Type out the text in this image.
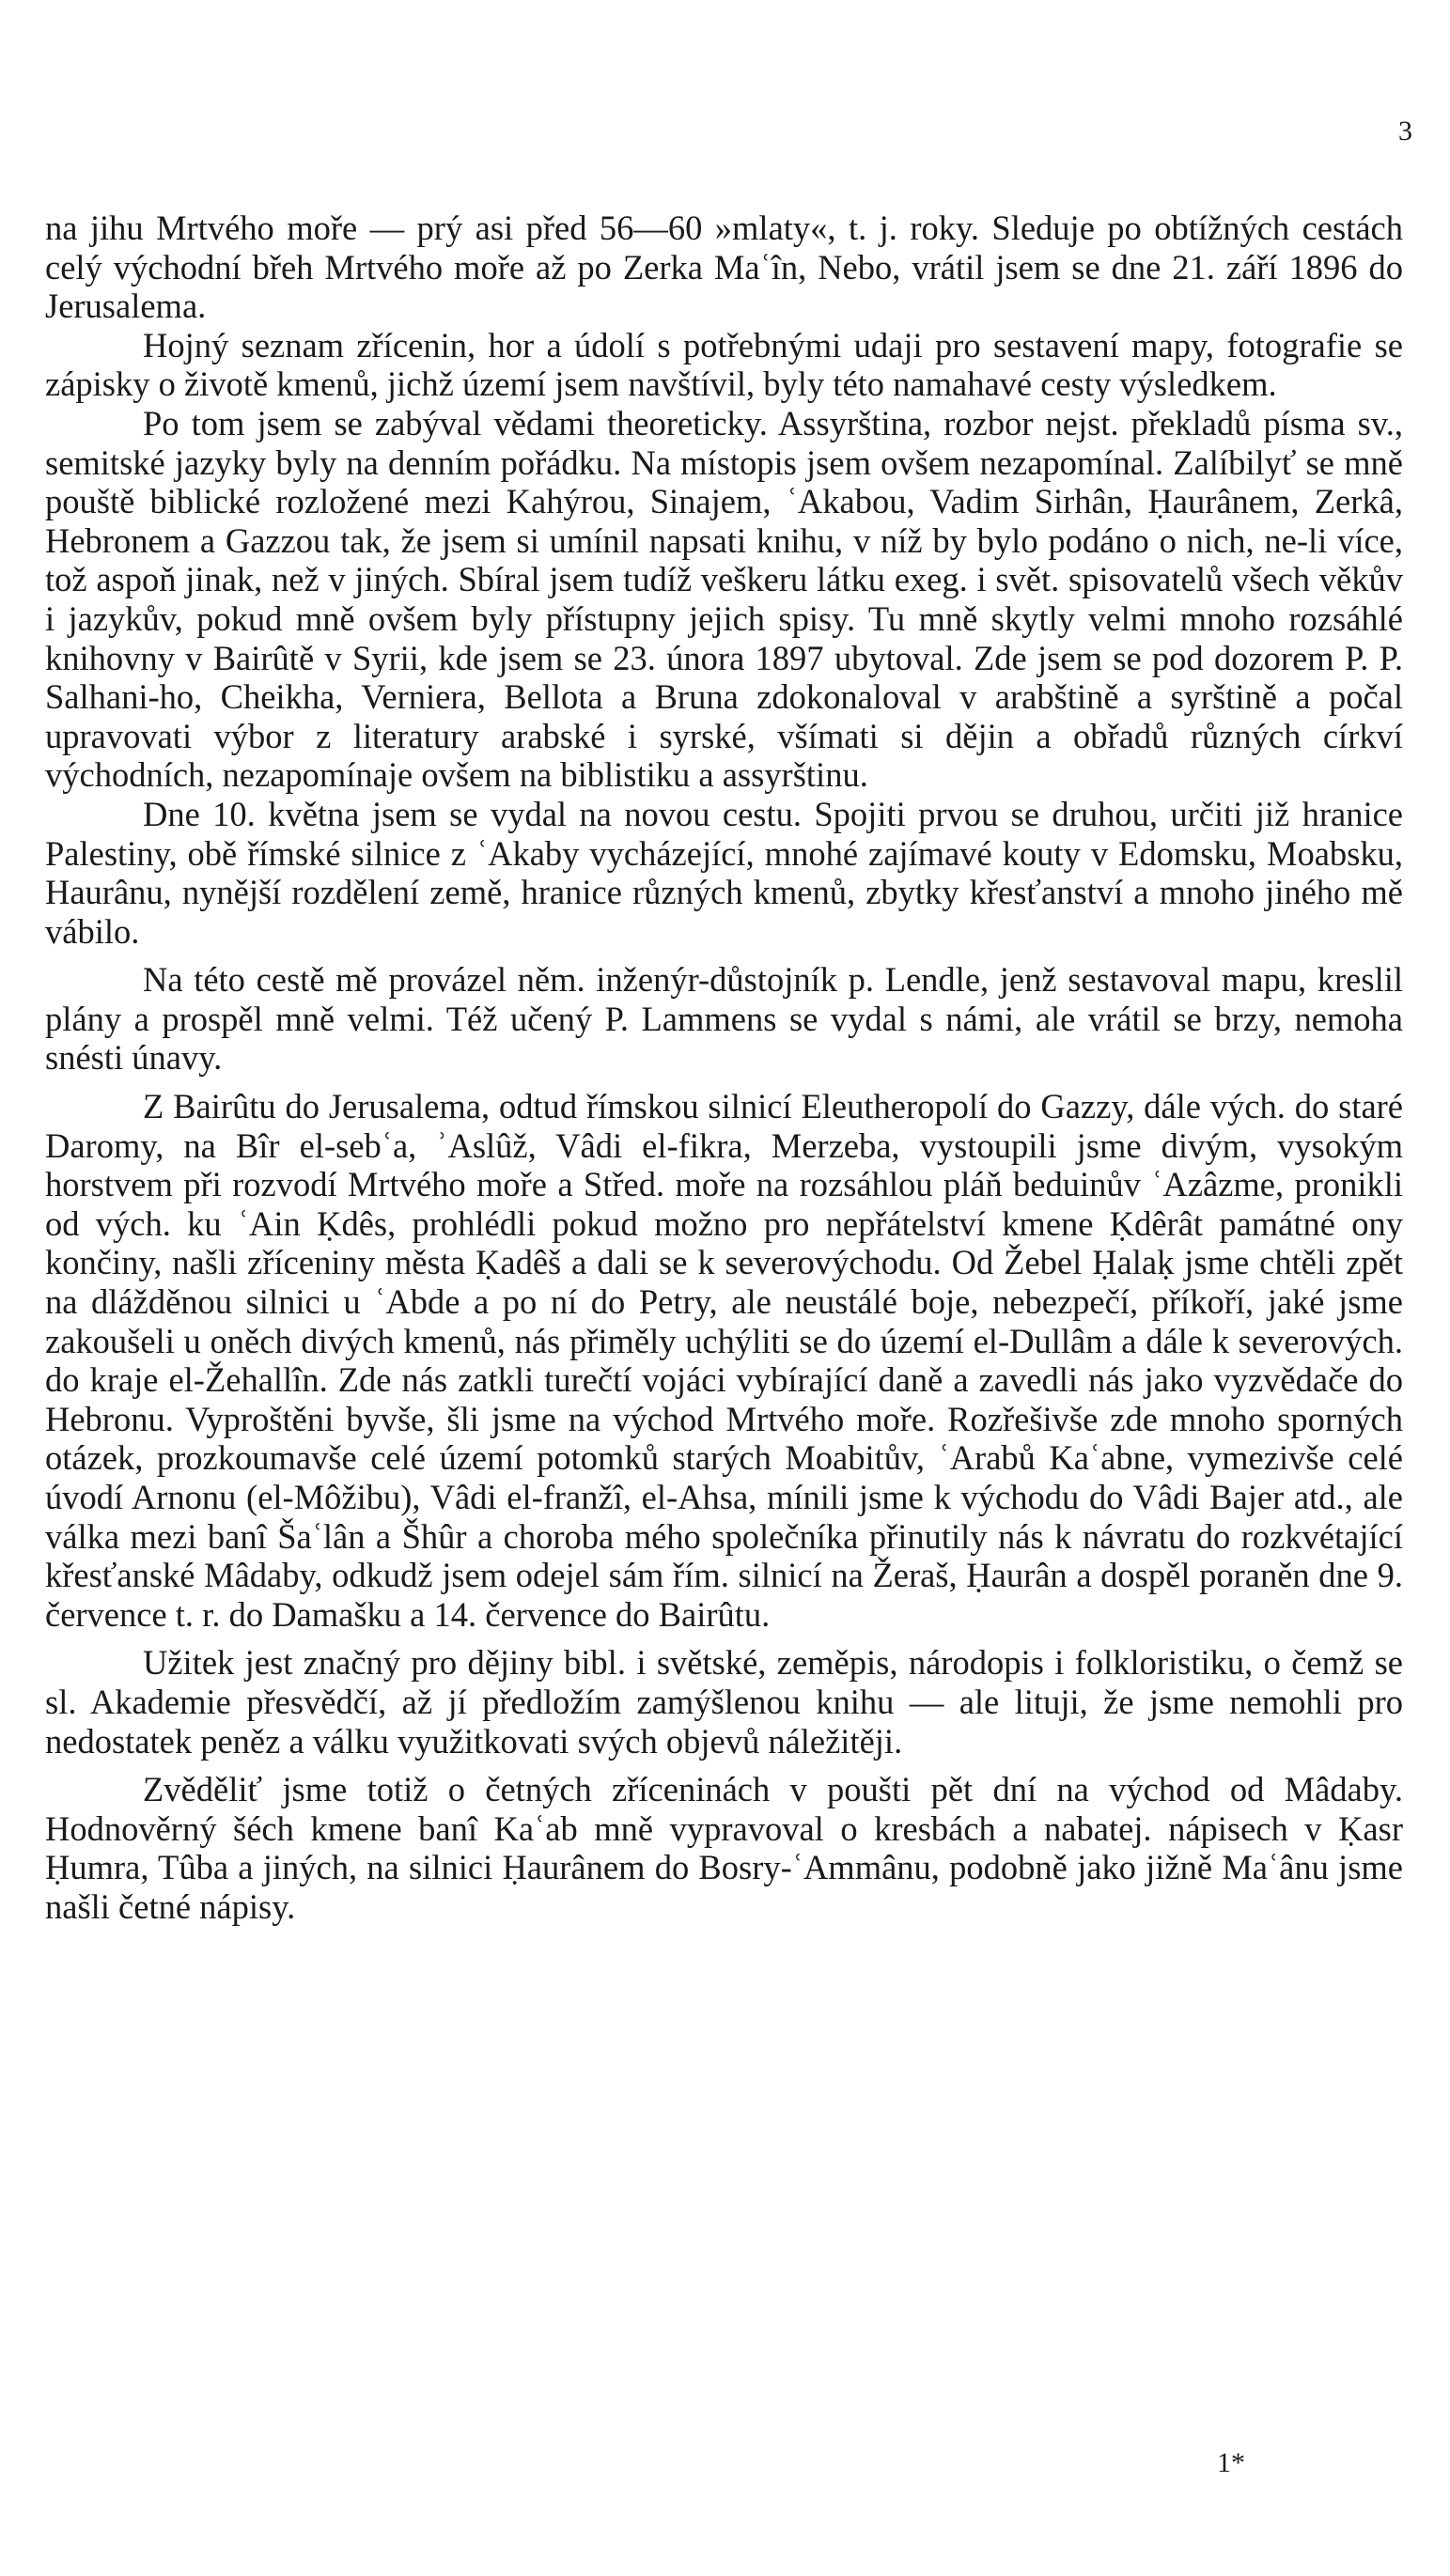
3

na jihu Mrtvého moře — prý asi před 56—60 »mlaty«, t. j. roky. Sleduje po obtížných cestách celý východní břeh Mrtvého moře až po Zerka Maʿîn, Nebo, vrátil jsem se dne 21. září 1896 do Jerusalema.

Hojný seznam zřícenin, hor a údolí s potřebnými udaji pro sestavení mapy, fotografie se zápisky o životě kmenů, jichž území jsem navštívil, byly této namahavé cesty výsledkem.

Po tom jsem se zabýval vědami theoreticky. Assyrština, rozbor nejst. překladů písma sv., semitské jazyky byly na denním pořádku. Na místopis jsem ovšem nezapomínal. Zalíbilyť se mně pouště biblické rozložené mezi Kahýrou, Sinajem, ʿAkabou, Vadim Sirhân, Ḥaurânem, Zerkâ, Hebronem a Gazzou tak, že jsem si umínil napsati knihu, v níž by bylo podáno o nich, ne-li více, tož aspoň jinak, než v jiných. Sbíral jsem tudíž veškeru látku exeg. i svět. spisovatelů všech věkův i jazykův, pokud mně ovšem byly přístupny jejich spisy. Tu mně skytly velmi mnoho rozsáhlé knihovny v Bairûtě v Syrii, kde jsem se 23. února 1897 ubytoval. Zde jsem se pod dozorem P. P. Salhani-ho, Cheikha, Verniera, Bellota a Bruna zdokonaloval v arabštině a syrštině a počal upravovati výbor z literatury arabské i syrské, všímati si dějin a obřadů různých církví východních, nezapomínaje ovšem na biblistiku a assyrštinu.

Dne 10. května jsem se vydal na novou cestu. Spojiti prvou se druhou, určiti již hranice Palestiny, obě římské silnice z ʿAkaby vycházející, mnohé zajímavé kouty v Edomsku, Moabsku, Haurânu, nynější rozdělení země, hranice různých kmenů, zbytky křesťanství a mnoho jiného mě vábilo.

Na této cestě mě provázel něm. inženýr-důstojník p. Lendle, jenž sestavoval mapu, kreslil plány a prospěl mně velmi. Též učený P. Lammens se vydal s námi, ale vrátil se brzy, nemoha snésti únavy.

Z Bairûtu do Jerusalema, odtud římskou silnicí Eleutheropolí do Gazzy, dále vých. do staré Daromy, na Bîr el-sebʿa, ʾAslûž, Vâdi el-fikra, Merzeba, vystoupili jsme divým, vysokým horstvem při rozvodí Mrtvého moře a Střed. moře na rozsáhlou pláň beduinův ʿAzâzme, pronikli od vých. ku ʿAin Ḳdês, prohlédli pokud možno pro nepřátelství kmene Ḳdêrât památné ony končiny, našli zříceniny města Ḳadêš a dali se k severovýchodu. Od Žebel Ḥalaḳ jsme chtěli zpět na dlážděnou silnici u ʿAbde a po ní do Petry, ale neustálé boje, nebezpečí, příkoří, jaké jsme zakoušeli u oněch divých kmenů, nás přiměly uchýliti se do území el-Dullâm a dále k severových. do kraje el-Žehallîn. Zde nás zatkli turečtí vojáci vybírající daně a zavedli nás jako vyzvědače do Hebronu. Vyproštěni byvše, šli jsme na východ Mrtvého moře. Rozřešivše zde mnoho sporných otázek, prozkoumavše celé území potomků starých Moabitův, ʿArabů Kaʿabne, vymezivše celé úvodí Arnonu (el-Môžibu), Vâdi el-franžî, el-Ahsa, mínili jsme k východu do Vâdi Bajer atd., ale válka mezi banî Šaʿlân a Šhûr a choroba mého společníka přinutily nás k návratu do rozkvétající křesťanské Mâdaby, odkudž jsem odejel sám řím. silnicí na Žeraš, Ḥaurân a dospěl poraněn dne 9. července t. r. do Damašku a 14. července do Bairûtu.

Užitek jest značný pro dějiny bibl. i světské, zeměpis, národopis i folkloristiku, o čemž se sl. Akademie přesvědčí, až jí předložím zamýšlenou knihu — ale lituji, že jsme nemohli pro nedostatek peněz a válku využitkovati svých objevů náležitěji.

Zvěděliť jsme totiž o četných zříceninách v poušti pět dní na východ od Mâdaby. Hodnověrný šéch kmene banî Kaʿab mně vypravoval o kresbách a nabatej. nápisech v Ḳasr Ḥumra, Tûba a jiných, na silnici Ḥaurânem do Bosry-ʿAmmânu, podobně jako jižně Maʿânu jsme našli četné nápisy.

1*
